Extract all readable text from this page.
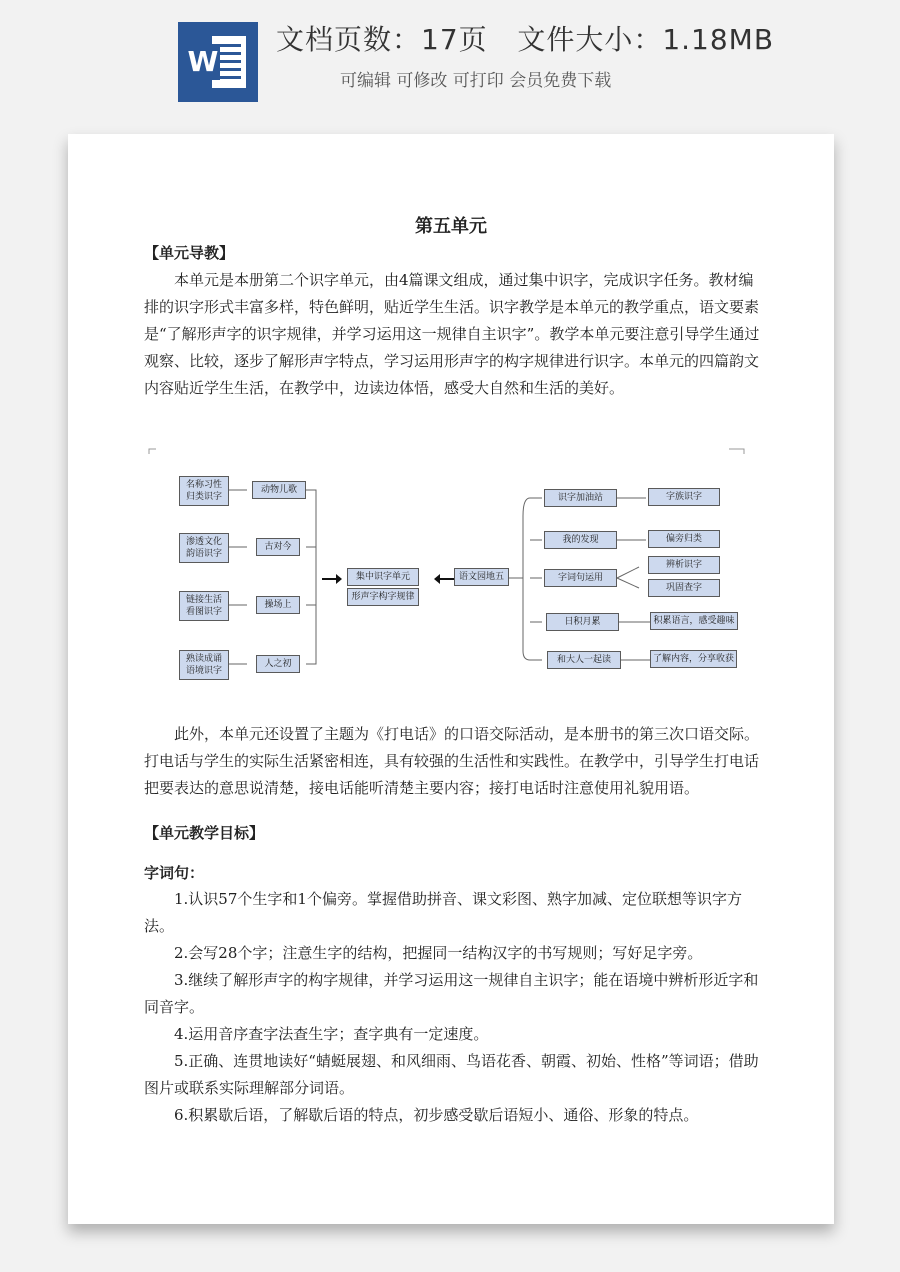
W
文档页数：17页   文件大小：1.18MB
可编辑 可修改 可打印 会员免费下载
第五单元
【单元导教】

本单元是本册第二个识字单元，由4篇课文组成，通过集中识字，完成识字任务。教材编排的识字形式丰富多样，特色鲜明，贴近学生生活。识字教学是本单元的教学重点，语文要素是“了解形声字的识字规律，并学习运用这一规律自主识字”。教学本单元要注意引导学生通过观察、比较，逐步了解形声字特点，学习运用形声字的构字规律进行识字。本单元的四篇韵文内容贴近学生生活，在教学中，边读边体悟，感受大自然和生活的美好。

名称习性
归类识字
渗透文化
韵语识字
链接生活
看图识字
熟读成诵
语境识字
动物儿歌
古对今
操场上
人之初
集中识字单元
形声字构字规律
语文园地五
识字加油站
我的发现
字词句运用
日积月累
和大人一起读
字族识字
偏旁归类
辨析识字
巩固查字
积累语言，感受趣味
了解内容，分享收获

此外，本单元还设置了主题为《打电话》的口语交际活动，是本册书的第三次口语交际。打电话与学生的实际生活紧密相连，具有较强的生活性和实践性。在教学中，引导学生打电话把要表达的意思说清楚，接电话能听清楚主要内容；接打电话时注意使用礼貌用语。

【单元教学目标】
字词句：

1.认识57个生字和1个偏旁。掌握借助拼音、课文彩图、熟字加减、定位联想等识字方法。

2.会写28个字；注意生字的结构，把握同一结构汉字的书写规则；写好足字旁。

3.继续了解形声字的构字规律，并学习运用这一规律自主识字；能在语境中辨析形近字和同音字。

4.运用音序查字法查生字；查字典有一定速度。

5.正确、连贯地读好“蜻蜓展翅、和风细雨、鸟语花香、朝霞、初始、性格”等词语；借助图片或联系实际理解部分词语。

6.积累歇后语，了解歇后语的特点，初步感受歇后语短小、通俗、形象的特点。
